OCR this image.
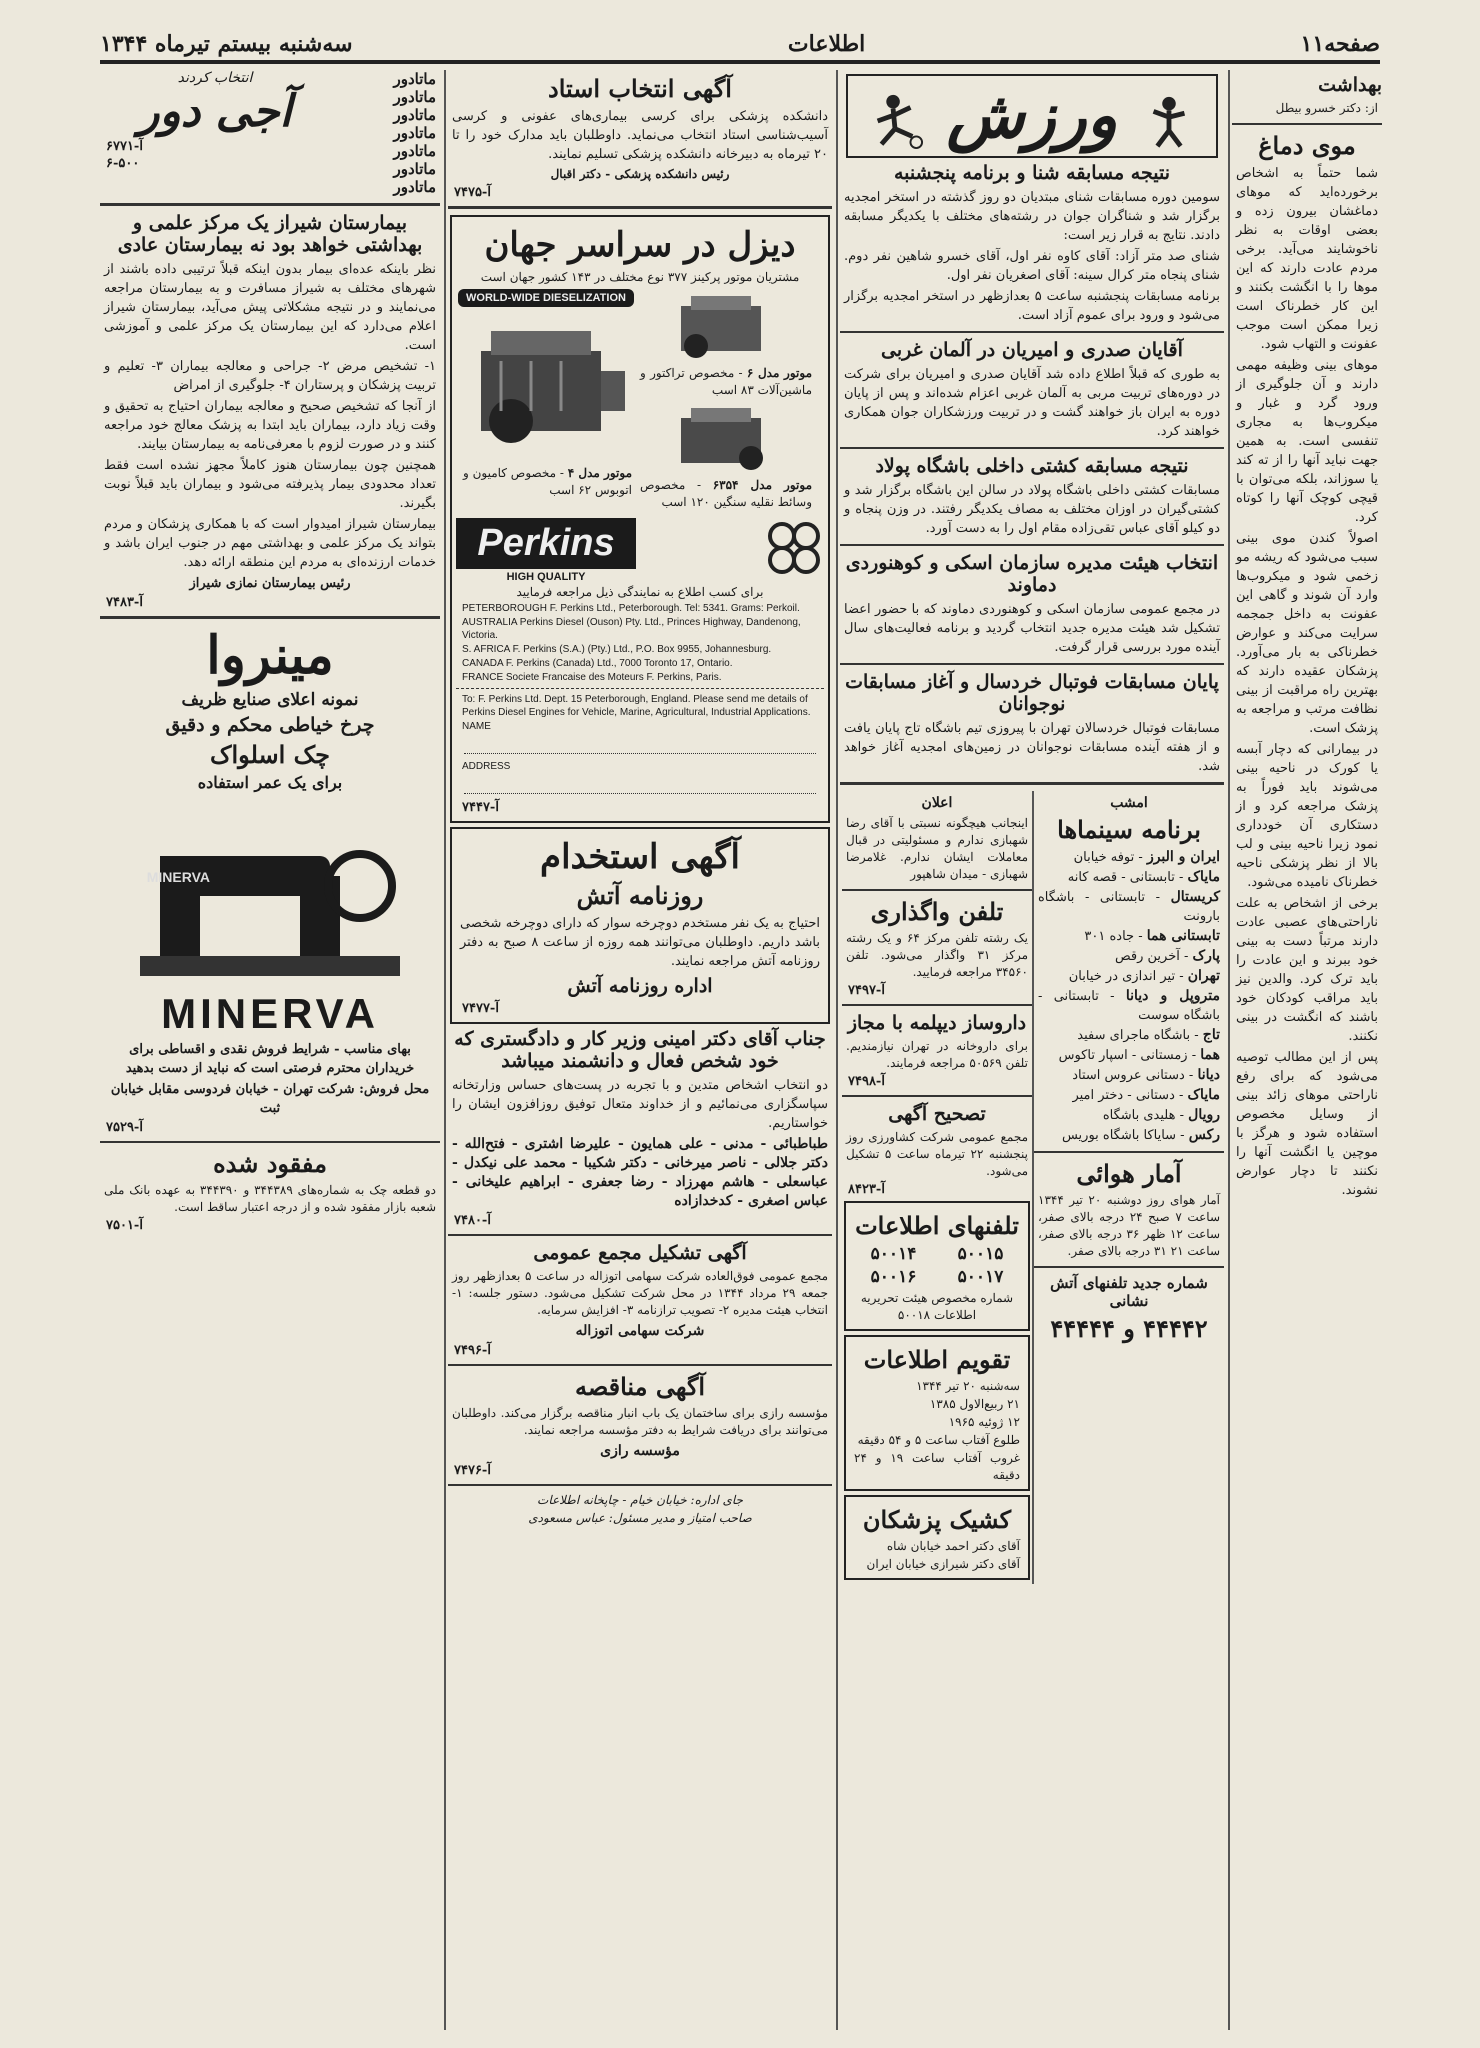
صفحه۱۱
اطلاعات
سه‌شنبه بیستم تیرماه ۱۳۴۴
بهداشت
از: دکتر خسرو بیطل
موی دماغ
شما حتماً به اشخاص برخورده‌اید که موهای دماغشان بیرون زده و بعضی اوقات به نظر ناخوشایند می‌آید. برخی مردم عادت دارند که این موها را با انگشت بکنند و این کار خطرناک است زیرا ممکن است موجب عفونت و التهاب شود.
موهای بینی وظیفه مهمی دارند و آن جلوگیری از ورود گرد و غبار و میکروب‌ها به مجاری تنفسی است. به همین جهت نباید آنها را از ته کند یا سوزاند، بلکه می‌توان با قیچی کوچک آنها را کوتاه کرد.
اصولاً کندن موی بینی سبب می‌شود که ریشه مو زخمی شود و میکروب‌ها وارد آن شوند و گاهی این عفونت به داخل جمجمه سرایت می‌کند و عوارض خطرناکی به بار می‌آورد. پزشکان عقیده دارند که بهترین راه مراقبت از بینی نظافت مرتب و مراجعه به پزشک است.
در بیمارانی که دچار آبسه یا کورک در ناحیه بینی می‌شوند باید فوراً به پزشک مراجعه کرد و از دستکاری آن خودداری نمود زیرا ناحیه بینی و لب بالا از نظر پزشکی ناحیه خطرناک نامیده می‌شود.
برخی از اشخاص به علت ناراحتی‌های عصبی عادت دارند مرتباً دست به بینی خود ببرند و این عادت را باید ترک کرد. والدین نیز باید مراقب کودکان خود باشند که انگشت در بینی نکنند.
پس از این مطالب توصیه می‌شود که برای رفع ناراحتی موهای زائد بینی از وسایل مخصوص استفاده شود و هرگز با موچین یا انگشت آنها را نکنند تا دچار عوارض نشوند.
ورزش
نتیجه مسابقه شنا و برنامه پنجشنبه
سومین دوره مسابقات شنای مبتدیان دو روز گذشته در استخر امجدیه برگزار شد و شناگران جوان در رشته‌های مختلف با یکدیگر مسابقه دادند. نتایج به قرار زیر است:
شنای صد متر آزاد: آقای کاوه نفر اول، آقای خسرو شاهین نفر دوم. شنای پنجاه متر کرال سینه: آقای اصغریان نفر اول.
برنامه مسابقات پنجشنبه ساعت ۵ بعدازظهر در استخر امجدیه برگزار می‌شود و ورود برای عموم آزاد است.
آقایان صدری و امیریان در آلمان غربی
به طوری که قبلاً اطلاع داده شد آقایان صدری و امیریان برای شرکت در دوره‌های تربیت مربی به آلمان غربی اعزام شده‌اند و پس از پایان دوره به ایران باز خواهند گشت و در تربیت ورزشکاران جوان همکاری خواهند کرد.
نتیجه مسابقه کشتی داخلی باشگاه پولاد
مسابقات کشتی داخلی باشگاه پولاد در سالن این باشگاه برگزار شد و کشتی‌گیران در اوزان مختلف به مصاف یکدیگر رفتند. در وزن پنجاه و دو کیلو آقای عباس تقی‌زاده مقام اول را به دست آورد.
انتخاب هیئت مدیره سازمان اسکی و کوهنوردی دماوند
در مجمع عمومی سازمان اسکی و کوهنوردی دماوند که با حضور اعضا تشکیل شد هیئت مدیره جدید انتخاب گردید و برنامه فعالیت‌های سال آینده مورد بررسی قرار گرفت.
پایان مسابقات فوتبال خردسال و آغاز مسابقات نوجوانان
مسابقات فوتبال خردسالان تهران با پیروزی تیم باشگاه تاج پایان یافت و از هفته آینده مسابقات نوجوانان در زمین‌های امجدیه آغاز خواهد شد.
امشب
برنامه سینماها
ایران و البرز - توفه خیابان
مایاک - تابستانی - قصه کانه
کریستال - تابستانی - باشگاه بارونت
تابستانی هما - جاده ۳۰۱
پارک - آخرین رقص
تهران - تیر اندازی در خیابان
متروپل و دیانا - تابستانی - باشگاه سوست
تاج - باشگاه ماجرای سفید
هما - زمستانی - اسپار تاکوس
دیانا - دستانی عروس استاد
مایاک - دستانی - دختر امیر
رویال - هلیدی باشگاه
رکس - سایاکا باشگاه بوریس
آمار هوائی
آمار هوای روز دوشنبه ۲۰ تیر ۱۳۴۴ ساعت ۷ صبح ۲۴ درجه بالای صفر، ساعت ۱۲ ظهر ۳۶ درجه بالای صفر، ساعت ۲۱ ۳۱ درجه بالای صفر.
شماره جدید تلفنهای آتش نشانی
۴۴۴۴۲ و ۴۴۴۴۴
اعلان
اینجانب هیچگونه نسبتی با آقای رضا شهبازی ندارم و مسئولیتی در قبال معاملات ایشان ندارم. غلامرضا شهبازی - میدان شاهپور
تلفن واگذاری
یک رشته تلفن مرکز ۶۴ و یک رشته مرکز ۳۱ واگذار می‌شود. تلفن ۳۴۵۶۰ مراجعه فرمایید.
۷۴۹۷-آ
داروساز دیپلمه با مجاز
برای داروخانه در تهران نیازمندیم. تلفن ۵۰۵۶۹ مراجعه فرمایند.
۷۴۹۸-آ
تصحیح آگهی
مجمع عمومی شرکت کشاورزی روز پنجشنبه ۲۲ تیرماه ساعت ۵ تشکیل می‌شود.
۸۴۲۳-آ
تلفنهای اطلاعات
۵۰۰۱۴ ۵۰۰۱۵
۵۰۰۱۶ ۵۰۰۱۷
شماره مخصوص هیئت تحریریه اطلاعات ۵۰۰۱۸
تقویم اطلاعات
سه‌شنبه ۲۰ تیر ۱۳۴۴
۲۱ ربیع‌الاول ۱۳۸۵
۱۲ ژوئیه ۱۹۶۵
طلوع آفتاب ساعت ۵ و ۵۴ دقیقه
غروب آفتاب ساعت ۱۹ و ۲۴ دقیقه
کشیک پزشکان
آقای دکتر احمد خیابان شاه
آقای دکتر شیرازی خیابان ایران
آگهی انتخاب استاد
دانشکده پزشکی برای کرسی بیماری‌های عفونی و کرسی آسیب‌شناسی استاد انتخاب می‌نماید. داوطلبان باید مدارک خود را تا ۲۰ تیرماه به دبیرخانه دانشکده پزشکی تسلیم نمایند.
رئیس دانشکده پزشکی - دکتر اقبال
۷۴۷۵-آ
دیزل در سراسر جهان
مشتریان موتور پرکینز ۳۷۷ نوع مختلف در ۱۴۳ کشور جهان است
WORLD-WIDE DIESELIZATION
موتور مدل ۴ - مخصوص کامیون و اتوبوس ۶۲ اسب
موتور مدل ۶ - مخصوص تراکتور و ماشین‌آلات ۸۳ اسب
موتور مدل ۶۳۵۴ - مخصوص وسائط نقلیه سنگین ۱۲۰ اسب
Perkins
HIGH QUALITY
برای کسب اطلاع به نمایندگی ذیل مراجعه فرمایید
PETERBOROUGH F. Perkins Ltd., Peterborough. Tel: 5341. Grams: Perkoil.
AUSTRALIA Perkins Diesel (Ouson) Pty. Ltd., Princes Highway, Dandenong, Victoria.
S. AFRICA F. Perkins (S.A.) (Pty.) Ltd., P.O. Box 9955, Johannesburg.
CANADA F. Perkins (Canada) Ltd., 7000 Toronto 17, Ontario.
FRANCE Societe Francaise des Moteurs F. Perkins, Paris.
To: F. Perkins Ltd. Dept. 15 Peterborough, England. Please send me details of Perkins Diesel Engines for Vehicle, Marine, Agricultural, Industrial Applications.
NAME
ADDRESS
۷۴۴۷-آ
آگهی استخدام
روزنامه آتش
احتیاج به یک نفر مستخدم دوچرخه سوار که دارای دوچرخه شخصی باشد داریم. داوطلبان می‌توانند همه روزه از ساعت ۸ صبح به دفتر روزنامه آتش مراجعه نمایند.
اداره روزنامه آتش
۷۴۷۷-آ
جناب آقای دکتر امینی وزیر کار و دادگستری که خود شخص فعال و دانشمند میباشد
دو انتخاب اشخاص متدین و با تجربه در پست‌های حساس وزارتخانه سپاسگزاری می‌نمائیم و از خداوند متعال توفیق روزافزون ایشان را خواستاریم.
طباطبائی - مدنی - علی همایون - علیرضا اشتری - فتح‌الله - دکتر جلالی - ناصر میرخانی - دکتر شکیبا - محمد علی نیکدل - عباسعلی - هاشم مهرزاد - رضا جعفری - ابراهیم علیخانی - عباس اصغری - کدخدازاده
۷۴۸۰-آ
آگهی تشکیل مجمع عمومی
مجمع عمومی فوق‌العاده شرکت سهامی اتوزاله در ساعت ۵ بعدازظهر روز جمعه ۲۹ مرداد ۱۳۴۴ در محل شرکت تشکیل می‌شود. دستور جلسه: ۱- انتخاب هیئت مدیره ۲- تصویب ترازنامه ۳- افزایش سرمایه.
شرکت سهامی اتوزاله
۷۴۹۶-آ
آگهی مناقصه
مؤسسه رازی برای ساختمان یک باب انبار مناقصه برگزار می‌کند. داوطلبان می‌توانند برای دریافت شرایط به دفتر مؤسسه مراجعه نمایند.
مؤسسه رازی
۷۴۷۶-آ
جای اداره: خیابان خیام - چاپخانه اطلاعات
صاحب امتیاز و مدیر مسئول: عباس مسعودی
ماتادور
ماتادور
ماتادور
ماتادور
ماتادور
ماتادور
ماتادور
انتخاب کردند
آجی دور
۶۷۷۱-آ
۶-۵۰۰
بیمارستان شیراز یک مرکز علمی و بهداشتی خواهد بود نه بیمارستان عادی
نظر باینکه عده‌ای بیمار بدون اینکه قبلاً ترتیبی داده باشند از شهرهای مختلف به شیراز مسافرت و به بیمارستان مراجعه می‌نمایند و در نتیجه مشکلاتی پیش می‌آید، بیمارستان شیراز اعلام می‌دارد که این بیمارستان یک مرکز علمی و آموزشی است.
۱- تشخیص مرض ۲- جراحی و معالجه بیماران ۳- تعلیم و تربیت پزشکان و پرستاران ۴- جلوگیری از امراض
از آنجا که تشخیص صحیح و معالجه بیماران احتیاج به تحقیق و وقت زیاد دارد، بیماران باید ابتدا به پزشک معالج خود مراجعه کنند و در صورت لزوم با معرفی‌نامه به بیمارستان بیایند.
همچنین چون بیمارستان هنوز کاملاً مجهز نشده است فقط تعداد محدودی بیمار پذیرفته می‌شود و بیماران باید قبلاً نوبت بگیرند.
بیمارستان شیراز امیدوار است که با همکاری پزشکان و مردم بتواند یک مرکز علمی و بهداشتی مهم در جنوب ایران باشد و خدمات ارزنده‌ای به مردم این منطقه ارائه دهد.
رئیس بیمارستان نمازی شیراز
۷۴۸۳-آ
مینروا
نمونه اعلای صنایع ظریف
چرخ خیاطی محکم و دقیق
چک اسلواک
برای یک عمر استفاده
MINERVA
MINERVA
بهای مناسب - شرایط فروش نقدی و اقساطی برای خریداران محترم فرصتی است که نباید از دست بدهید
محل فروش: شرکت تهران - خیابان فردوسی مقابل خیابان ثبت
۷۵۲۹-آ
مفقود شده
دو قطعه چک به شماره‌های ۳۴۴۳۸۹ و ۳۴۴۳۹۰ به عهده بانک ملی شعبه بازار مفقود شده و از درجه اعتبار ساقط است.
۷۵۰۱-آ
